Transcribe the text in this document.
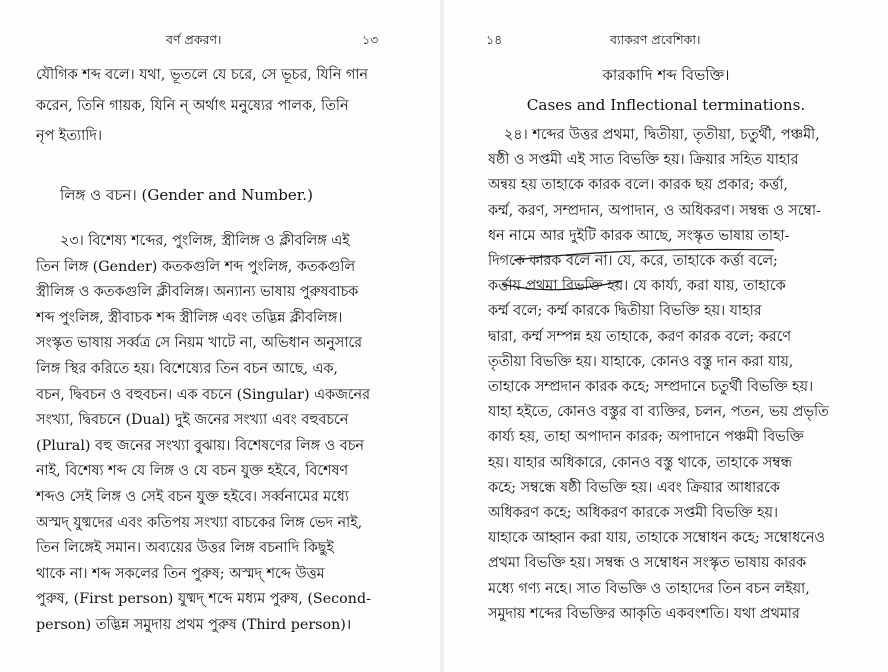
বর্ণ প্রকরণ।	১৩
যৌগিক শব্দ বলে। যথা, ভূতলে যে চরে, সে ভূচর, যিনি গান
করেন, তিনি গায়ক, যিনি ন্ অর্থাৎ মনুষ্যের পালক, তিনি
নৃপ ইত্যাদি।
লিঙ্গ ও বচন। (Gender and Number.)
২৩। বিশেষ্য শব্দের, পুংলিঙ্গ, স্ত্রীলিঙ্গ ও ক্লীবলিঙ্গ এই
তিন লিঙ্গ (Gender) কতকগুলি শব্দ পুংলিঙ্গ, কতকগুলি
স্ত্রীলিঙ্গ ও কতকগুলি ক্লীবলিঙ্গ। অন্যান্য ভাষায় পুরুষবাচক
শব্দ পুংলিঙ্গ, স্ত্রীবাচক শব্দ স্ত্রীলিঙ্গ এবং তদ্ভিন্ন ক্লীবলিঙ্গ।
সংস্কৃত ভাষায় সর্ব্বত্র সে নিয়ম খাটে না, অভিধান অনুসারে
লিঙ্গ স্থির করিতে হয়। বিশেষ্যের তিন বচন আছে, এক,
বচন, দ্বিবচন ও বহুবচন। এক বচনে (Singular) একজনের
সংখ্যা, দ্বিবচনে (Dual) দুই জনের সংখ্যা এবং বহুবচনে
(Plural) বহু জনের সংখ্যা বুঝায়। বিশেষণের লিঙ্গ ও বচন
নাই, বিশেষ্য শব্দ যে লিঙ্গ ও যে বচন যুক্ত হইবে, বিশেষণ
শব্দও সেই লিঙ্গ ও সেই বচন যুক্ত হইবে। সর্ব্বনামের মধ্যে
অস্মদ্ যুষ্মদের এবং কতিপয় সংখ্যা বাচকের লিঙ্গ ভেদ নাই,
তিন লিঙ্গেই সমান। অব্যয়ের উত্তর লিঙ্গ বচনাদি কিছুই
থাকে না। শব্দ সকলের তিন পুরুষ; অস্মদ্ শব্দে উত্তম
পুরুষ, (First person) যুষ্মদ্ শব্দে মধ্যম পুরুষ, (Second-
person) তদ্ভিন্ন সমুদায় প্রথম পুরুষ (Third person)।
১৪	ব্যাকরণ প্রবেশিকা।
কারকাদি শব্দ বিভক্তি।
Cases and Inflectional terminations.
২৪। শব্দের উত্তর প্রথমা, দ্বিতীয়া, তৃতীয়া, চতুর্থী, পঞ্চমী,
ষষ্ঠী ও সপ্তমী এই সাত বিভক্তি হয়। ক্রিয়ার সহিত যাহার
অন্বয় হয় তাহাকে কারক বলে। কারক ছয় প্রকার; কর্ত্তা,
কর্ম্ম, করণ, সম্প্রদান, অপাদান, ও অধিকরণ। সম্বন্ধ ও সম্বো-
ধন নামে আর দুইটি কারক আছে, সংস্কৃত ভাষায় তাহা-
দিগকে কারক বলে না। যে, করে, তাহাকে কর্ত্তা বলে;
কর্ত্তায় প্রথমা বিভক্তি হয়। যে কার্য্য, করা যায়, তাহাকে
কর্ম্ম বলে; কর্ম্ম কারকে দ্বিতীয়া বিভক্তি হয়। যাহার
দ্বারা, কর্ম্ম সম্পন্ন হয় তাহাকে, করণ কারক বলে; করণে
তৃতীয়া বিভক্তি হয়। যাহাকে, কোনও বস্তু দান করা যায়,
তাহাকে সম্প্রদান কারক কহে; সম্প্রদানে চতুর্থী বিভক্তি হয়।
যাহা হইতে, কোনও বস্তুর বা ব্যক্তির, চলন, পতন, ভয় প্রভৃতি
কার্য্য হয়, তাহা অপাদান কারক; অপাদানে পঞ্চমী বিভক্তি
হয়। যাহার অধিকারে, কোনও বস্তু থাকে, তাহাকে সম্বন্ধ
কহে; সম্বন্ধে ষষ্ঠী বিভক্তি হয়। এবং ক্রিয়ার আধারকে
অধিকরণ কহে; অধিকরণ কারকে সপ্তমী বিভক্তি হয়।
যাহাকে আহ্বান করা যায়, তাহাকে সম্বোধন কহে; সম্বোধনেও
প্রথমা বিভক্তি হয়। সম্বন্ধ ও সম্বোধন সংস্কৃত ভাষায় কারক
মধ্যে গণ্য নহে। সাত বিভক্তি ও তাহাদের তিন বচন লইয়া,
সমুদায় শব্দের বিভক্তির আকৃতি একবংশতি। যথা প্রথমার
